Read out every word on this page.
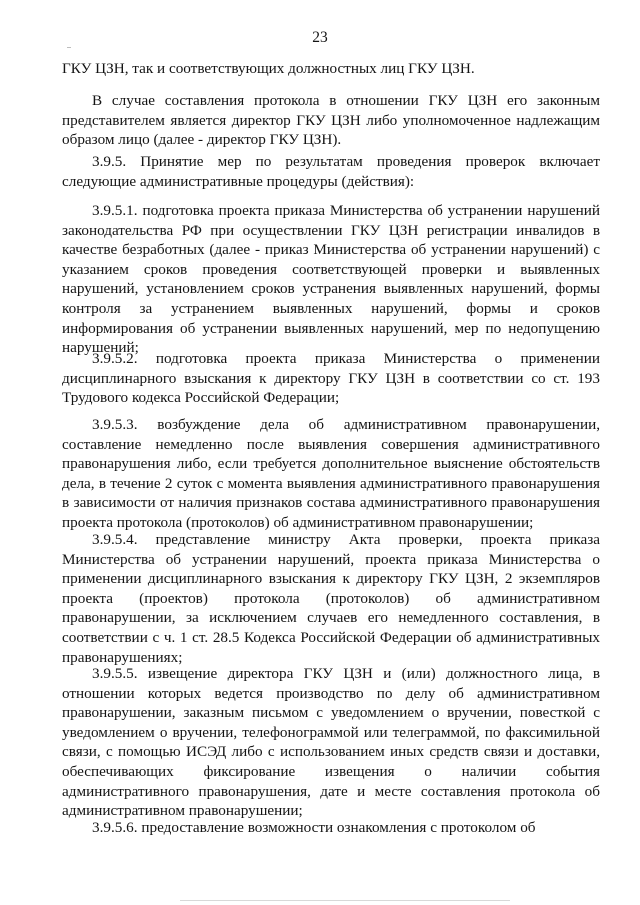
23
ГКУ ЦЗН, так и соответствующих должностных лиц ГКУ ЦЗН.
В случае составления протокола в отношении ГКУ ЦЗН его законным представителем является директор ГКУ ЦЗН либо уполномоченное надлежащим образом лицо (далее - директор ГКУ ЦЗН).
3.9.5. Принятие мер по результатам проведения проверок включает следующие административные процедуры (действия):
3.9.5.1. подготовка проекта приказа Министерства об устранении нарушений законодательства РФ при осуществлении ГКУ ЦЗН регистрации инвалидов в качестве безработных (далее - приказ Министерства об устранении нарушений) с указанием сроков проведения соответствующей проверки и выявленных нарушений, установлением сроков устранения выявленных нарушений, формы контроля за устранением выявленных нарушений, формы и сроков информирования об устранении выявленных нарушений, мер по недопущению нарушений;
3.9.5.2. подготовка проекта приказа Министерства о применении дисциплинарного взыскания к директору ГКУ ЦЗН в соответствии со ст. 193 Трудового кодекса Российской Федерации;
3.9.5.3. возбуждение дела об административном правонарушении, составление немедленно после выявления совершения административного правонарушения либо, если требуется дополнительное выяснение обстоятельств дела, в течение 2 суток с момента выявления административного правонарушения в зависимости от наличия признаков состава административного правонарушения проекта протокола (протоколов) об административном правонарушении;
3.9.5.4. представление министру Акта проверки, проекта приказа Министерства об устранении нарушений, проекта приказа Министерства о применении дисциплинарного взыскания к директору ГКУ ЦЗН, 2 экземпляров проекта (проектов) протокола (протоколов) об административном правонарушении, за исключением случаев его немедленного составления, в соответствии с ч. 1 ст. 28.5 Кодекса Российской Федерации об административных правонарушениях;
3.9.5.5. извещение директора ГКУ ЦЗН и (или) должностного лица, в отношении которых ведется производство по делу об административном правонарушении, заказным письмом с уведомлением о вручении, повесткой с уведомлением о вручении, телефонограммой или телеграммой, по факсимильной связи, с помощью ИСЭД либо с использованием иных средств связи и доставки, обеспечивающих фиксирование извещения о наличии события административного правонарушения, дате и месте составления протокола об административном правонарушении;
3.9.5.6. предоставление возможности ознакомления с протоколом об
